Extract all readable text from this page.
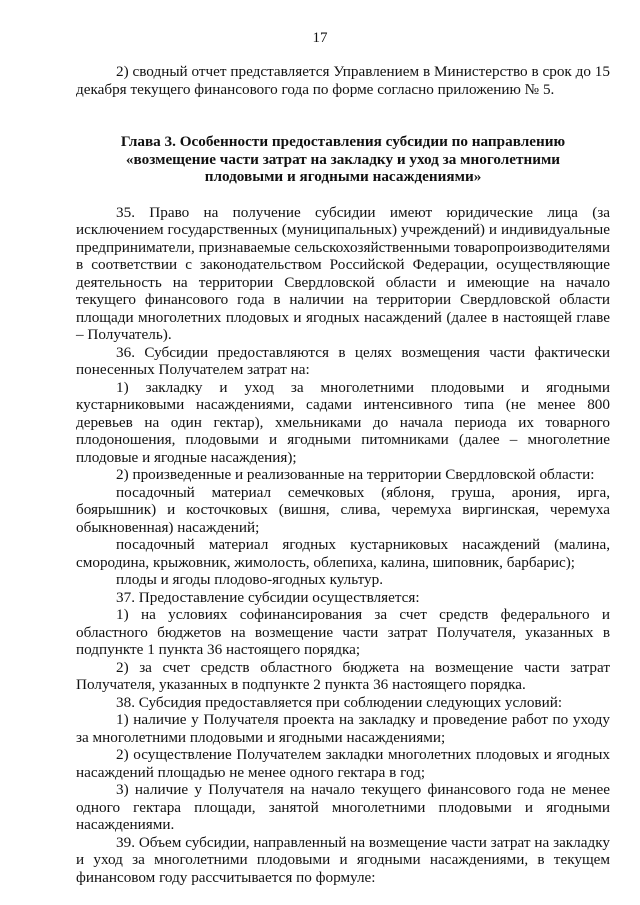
17

2) сводный отчет представляется Управлением в Министерство в срок до 15 декабря текущего финансового года по форме согласно приложению № 5.

Глава 3. Особенности предоставления субсидии по направлению «возмещение части затрат на закладку и уход за многолетними плодовыми и ягодными насаждениями»

35. Право на получение субсидии имеют юридические лица (за исключением государственных (муниципальных) учреждений) и индивидуальные предприниматели, признаваемые сельскохозяйственными товаропроизводителями в соответствии с законодательством Российской Федерации, осуществляющие деятельность на территории Свердловской области и имеющие на начало текущего финансового года в наличии на территории Свердловской области площади многолетних плодовых и ягодных насаждений (далее в настоящей главе – Получатель).

36. Субсидии предоставляются в целях возмещения части фактически понесенных Получателем затрат на:

1) закладку и уход за многолетними плодовыми и ягодными кустарниковыми насаждениями, садами интенсивного типа (не менее 800 деревьев на один гектар), хмельниками до начала периода их товарного плодоношения, плодовыми и ягодными питомниками (далее – многолетние плодовые и ягодные насаждения);

2) произведенные и реализованные на территории Свердловской области:

посадочный материал семечковых (яблоня, груша, арония, ирга, боярышник) и косточковых (вишня, слива, черемуха виргинская, черемуха обыкновенная) насаждений;

посадочный материал ягодных кустарниковых насаждений (малина, смородина, крыжовник, жимолость, облепиха, калина, шиповник, барбарис);

плоды и ягоды плодово-ягодных культур.

37. Предоставление субсидии осуществляется:

1) на условиях софинансирования за счет средств федерального и областного бюджетов на возмещение части затрат Получателя, указанных в подпункте 1 пункта 36 настоящего порядка;

2) за счет средств областного бюджета на возмещение части затрат Получателя, указанных в подпункте 2 пункта 36 настоящего порядка.

38. Субсидия предоставляется при соблюдении следующих условий:

1) наличие у Получателя проекта на закладку и проведение работ по уходу за многолетними плодовыми и ягодными насаждениями;

2) осуществление Получателем закладки многолетних плодовых и ягодных насаждений площадью не менее одного гектара в год;

3) наличие у Получателя на начало текущего финансового года не менее одного гектара площади, занятой многолетними плодовыми и ягодными насаждениями.

39. Объем субсидии, направленный на возмещение части затрат на закладку и уход за многолетними плодовыми и ягодными насаждениями, в текущем финансовом году рассчитывается по формуле:
